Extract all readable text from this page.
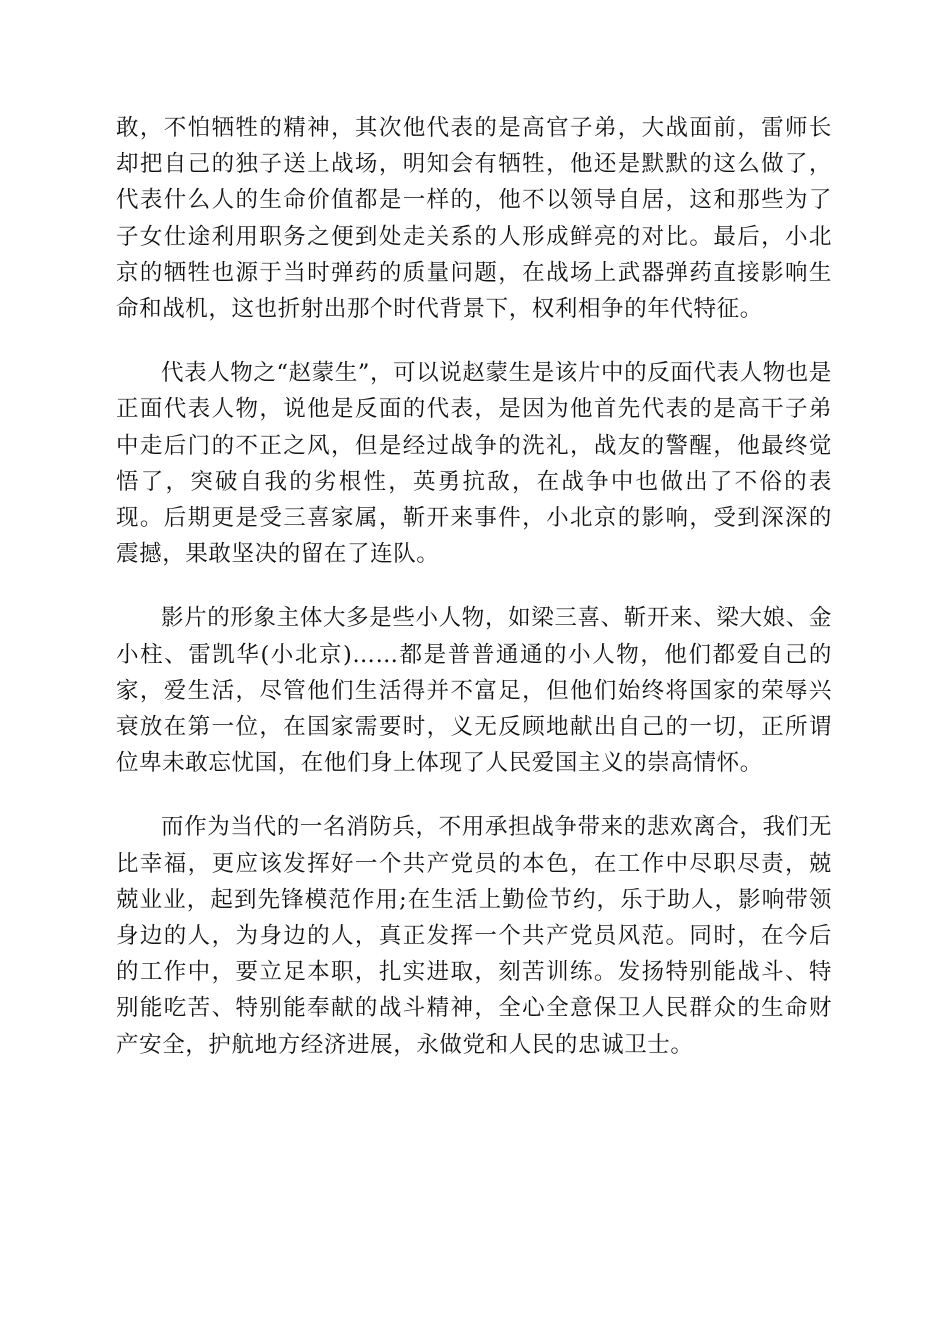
敢，不怕牺牲的精神，其次他代表的是高官子弟，大战面前，雷师长却把自己的独子送上战场，明知会有牺牲，他还是默默的这么做了，代表什么人的生命价值都是一样的，他不以领导自居，这和那些为了子女仕途利用职务之便到处走关系的人形成鲜亮的对比。最后，小北京的牺牲也源于当时弹药的质量问题，在战场上武器弹药直接影响生命和战机，这也折射出那个时代背景下，权利相争的年代特征。

代表人物之“赵蒙生”，可以说赵蒙生是该片中的反面代表人物也是正面代表人物，说他是反面的代表，是因为他首先代表的是高干子弟中走后门的不正之风，但是经过战争的洗礼，战友的警醒，他最终觉悟了，突破自我的劣根性，英勇抗敌，在战争中也做出了不俗的表现。后期更是受三喜家属，靳开来事件，小北京的影响，受到深深的震撼，果敢坚决的留在了连队。

影片的形象主体大多是些小人物，如梁三喜、靳开来、梁大娘、金小柱、雷凯华(小北京)……都是普普通通的小人物，他们都爱自己的家，爱生活，尽管他们生活得并不富足，但他们始终将国家的荣辱兴衰放在第一位，在国家需要时，义无反顾地献出自己的一切，正所谓位卑未敢忘忧国，在他们身上体现了人民爱国主义的崇高情怀。

而作为当代的一名消防兵，不用承担战争带来的悲欢离合，我们无比幸福，更应该发挥好一个共产党员的本色，在工作中尽职尽责，兢兢业业，起到先锋模范作用;在生活上勤俭节约，乐于助人，影响带领身边的人，为身边的人，真正发挥一个共产党员风范。同时，在今后的工作中，要立足本职，扎实进取，刻苦训练。发扬特别能战斗、特别能吃苦、特别能奉献的战斗精神，全心全意保卫人民群众的生命财产安全，护航地方经济进展，永做党和人民的忠诚卫士。
